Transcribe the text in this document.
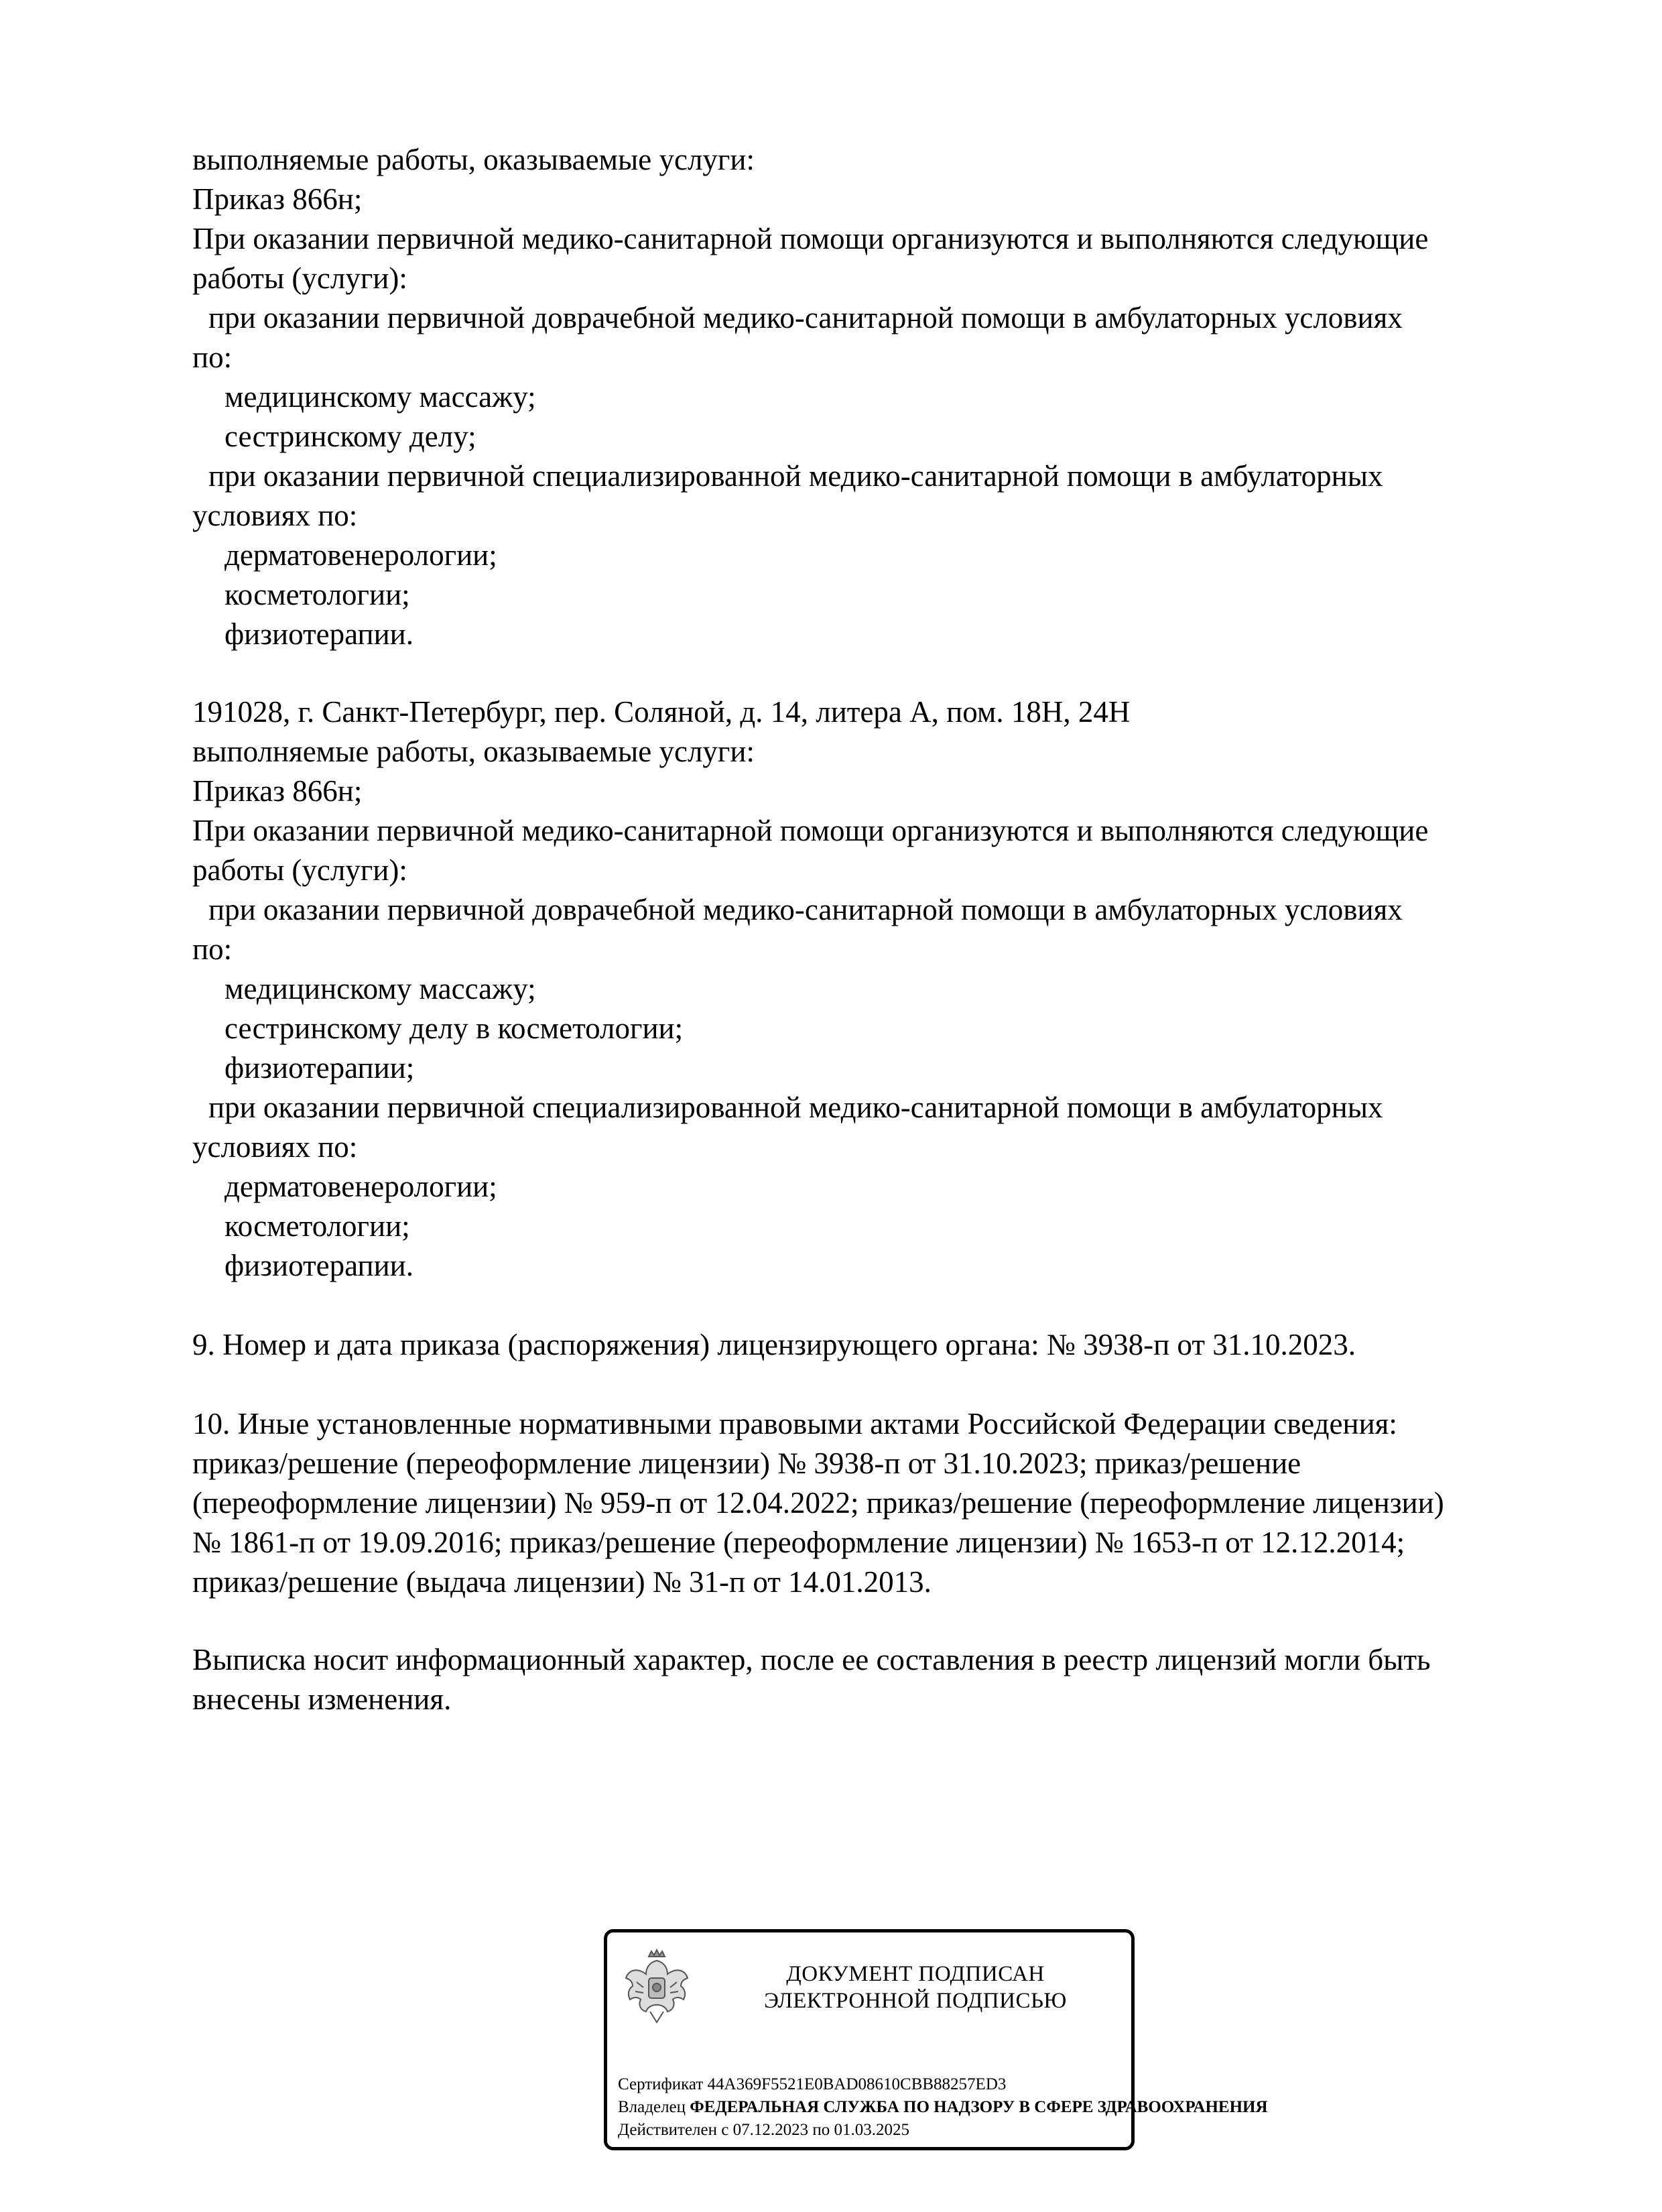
выполняемые работы, оказываемые услуги:
Приказ 866н;
При оказании первичной медико-санитарной помощи организуются и выполняются следующие
работы (услуги):
при оказании первичной доврачебной медико-санитарной помощи в амбулаторных условиях
по:
медицинскому массажу;
сестринскому делу;
при оказании первичной специализированной медико-санитарной помощи в амбулаторных
условиях по:
дерматовенерологии;
косметологии;
физиотерапии.
191028, г. Санкт-Петербург, пер. Соляной, д. 14, литера А, пом. 18Н, 24Н
выполняемые работы, оказываемые услуги:
Приказ 866н;
При оказании первичной медико-санитарной помощи организуются и выполняются следующие
работы (услуги):
при оказании первичной доврачебной медико-санитарной помощи в амбулаторных условиях
по:
медицинскому массажу;
сестринскому делу в косметологии;
физиотерапии;
при оказании первичной специализированной медико-санитарной помощи в амбулаторных
условиях по:
дерматовенерологии;
косметологии;
физиотерапии.
9. Номер и дата приказа (распоряжения) лицензирующего органа: № 3938-п от 31.10.2023.
10. Иные установленные нормативными правовыми актами Российской Федерации сведения:
приказ/решение (переоформление лицензии) № 3938-п от 31.10.2023; приказ/решение
(переоформление лицензии) № 959-п от 12.04.2022; приказ/решение (переоформление лицензии)
№ 1861-п от 19.09.2016; приказ/решение (переоформление лицензии) № 1653-п от 12.12.2014;
приказ/решение (выдача лицензии) № 31-п от 14.01.2013.
Выписка носит информационный характер, после ее составления в реестр лицензий могли быть
внесены изменения.
ДОКУМЕНТ ПОДПИСАН
ЭЛЕКТРОННОЙ ПОДПИСЬЮ
Сертификат 44A369F5521E0BAD08610CBB88257ED3
Владелец ФЕДЕРАЛЬНАЯ СЛУЖБА ПО НАДЗОРУ В СФЕРЕ ЗДРАВООХРАНЕНИЯ
Действителен с 07.12.2023 по 01.03.2025
